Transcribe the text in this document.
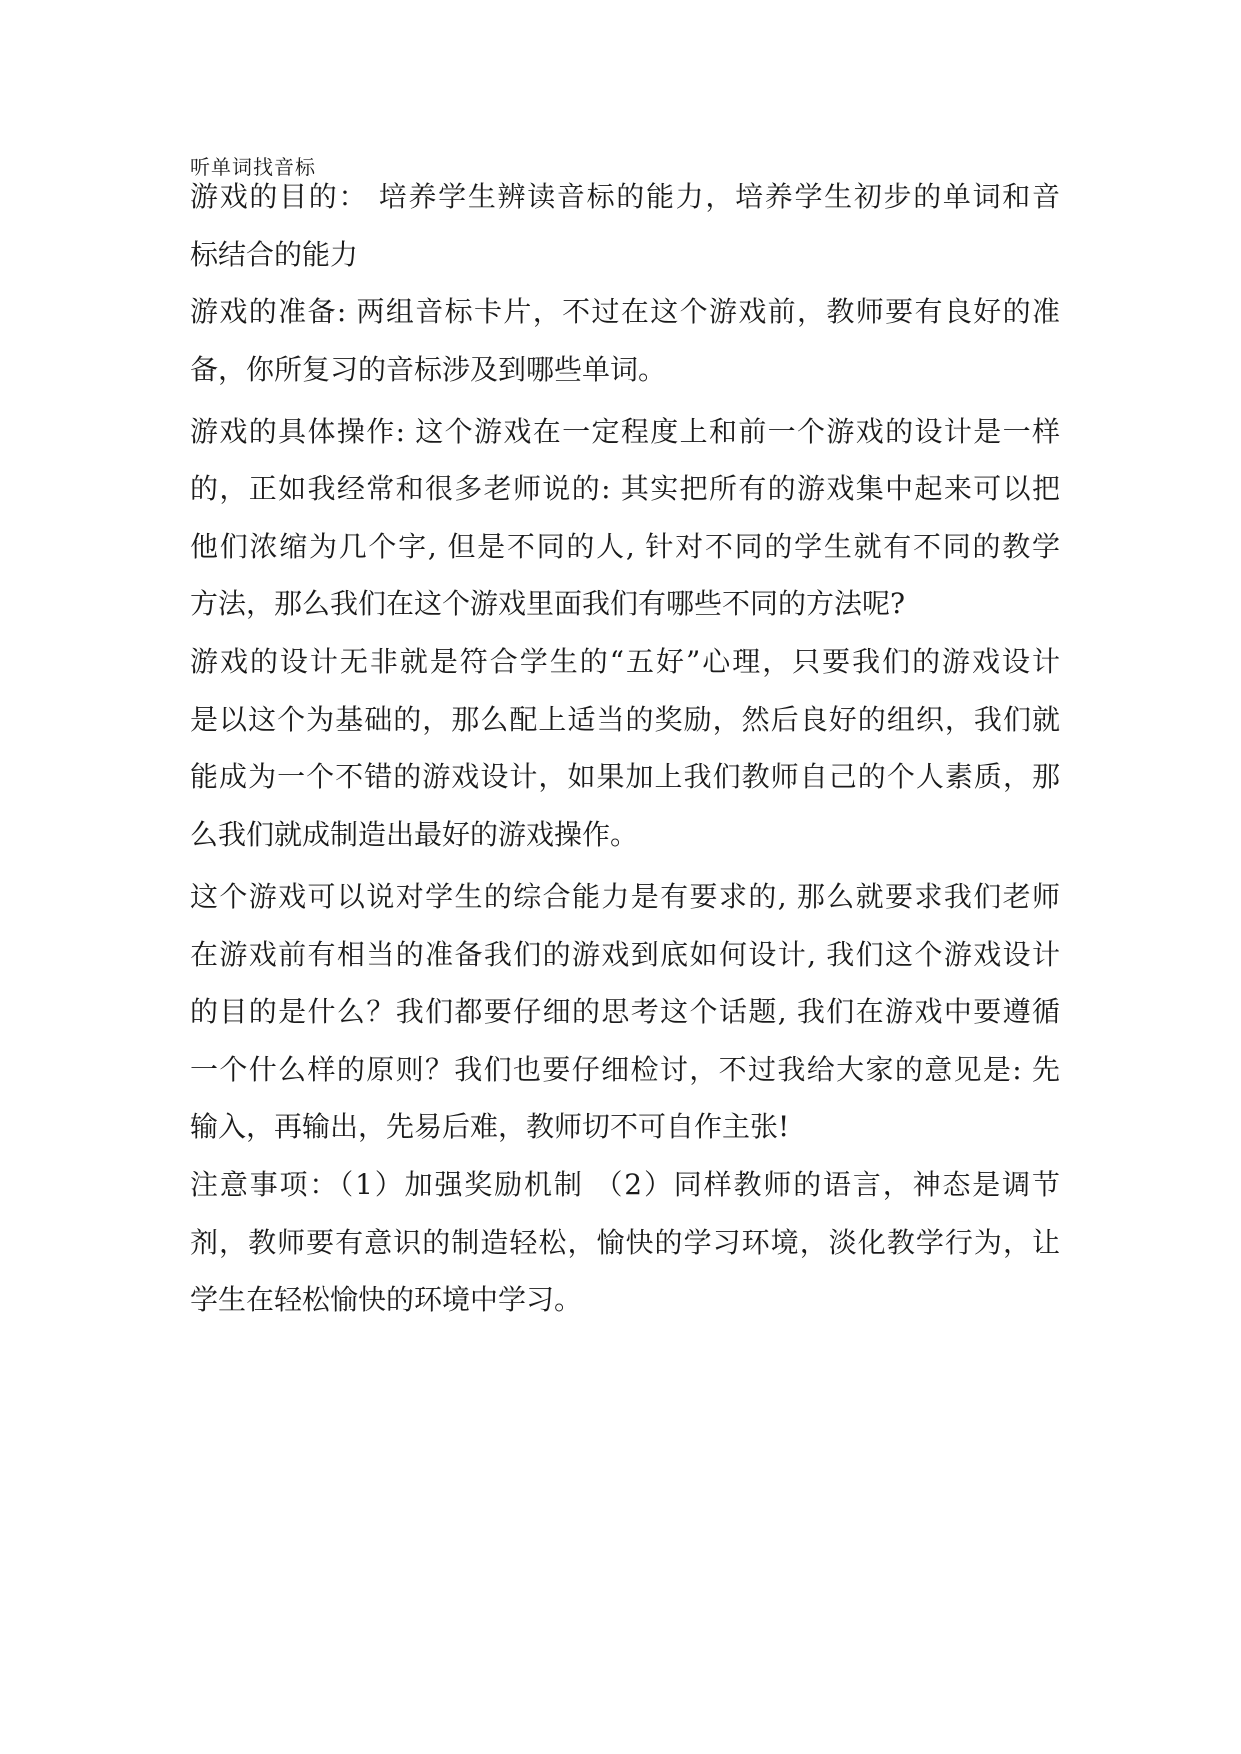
听单词找音标
游戏的目的： 培养学生辨读音标的能力，培养学生初步的单词和音
标结合的能力
游戏的准备: 两组音标卡片，不过在这个游戏前，教师要有良好的准
备，你所复习的音标涉及到哪些单词。
游戏的具体操作: 这个游戏在一定程度上和前一个游戏的设计是一样
的，正如我经常和很多老师说的: 其实把所有的游戏集中起来可以把
他们浓缩为几个字, 但是不同的人, 针对不同的学生就有不同的教学
方法，那么我们在这个游戏里面我们有哪些不同的方法呢?
游戏的设计无非就是符合学生的“五好”心理，只要我们的游戏设计
是以这个为基础的，那么配上适当的奖励，然后良好的组织，我们就
能成为一个不错的游戏设计，如果加上我们教师自己的个人素质，那
么我们就成制造出最好的游戏操作。
这个游戏可以说对学生的综合能力是有要求的, 那么就要求我们老师
在游戏前有相当的准备我们的游戏到底如何设计, 我们这个游戏设计
的目的是什么？我们都要仔细的思考这个话题, 我们在游戏中要遵循
一个什么样的原则？我们也要仔细检讨，不过我给大家的意见是: 先
输入，再输出，先易后难，教师切不可自作主张!
注意事项：（1）加强奖励机制 （2）同样教师的语言，神态是调节
剂，教师要有意识的制造轻松，愉快的学习环境，淡化教学行为，让
学生在轻松愉快的环境中学习。
